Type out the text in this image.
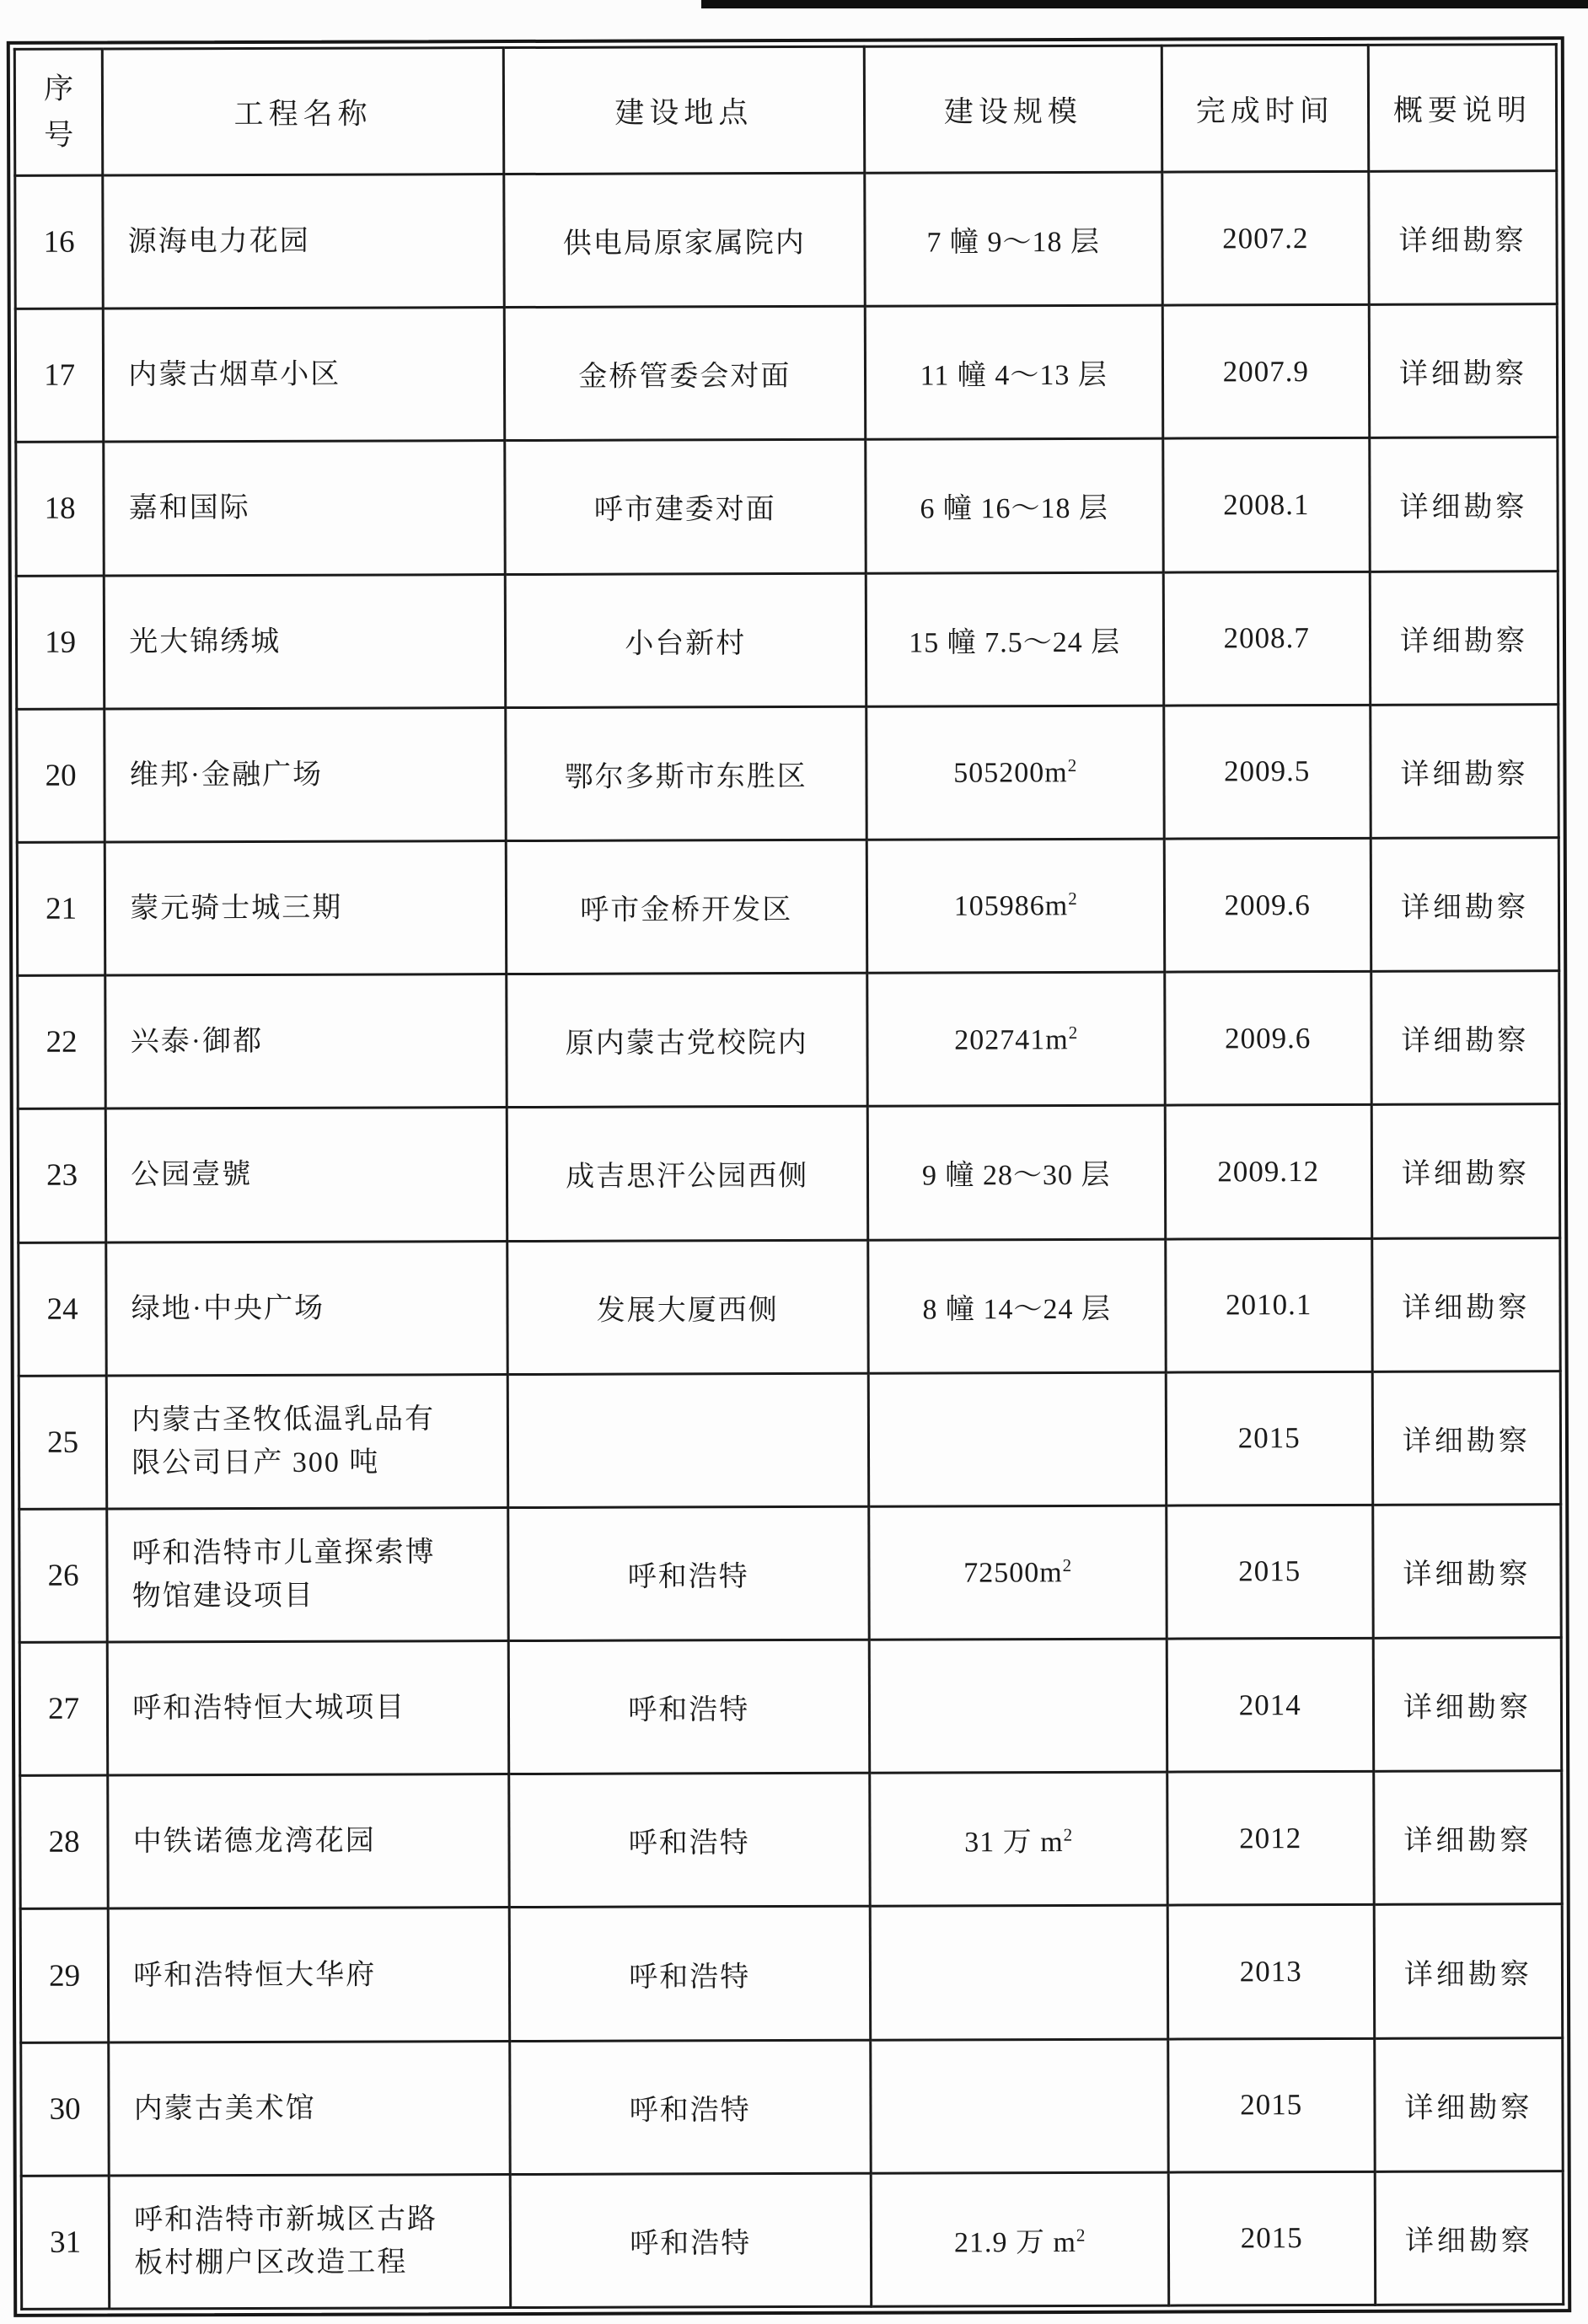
序号	工程名称	建设地点	建设规模	完成时间	概要说明
16	源海电力花园	供电局原家属院内	7 幢 9～18 层	2007.2	详细勘察
17	内蒙古烟草小区	金桥管委会对面	11 幢 4～13 层	2007.9	详细勘察
18	嘉和国际	呼市建委对面	6 幢 16～18 层	2008.1	详细勘察
19	光大锦绣城	小台新村	15 幢 7.5～24 层	2008.7	详细勘察
20	维邦·金融广场	鄂尔多斯市东胜区	$505200m^2$	2009.5	详细勘察
21	蒙元骑士城三期	呼市金桥开发区	$105986m^2$	2009.6	详细勘察
22	兴泰·御都	原内蒙古党校院内	$202741m^2$	2009.6	详细勘察
23	公园壹號	成吉思汗公园西侧	9 幢 28～30 层	2009.12	详细勘察
24	绿地·中央广场	发展大厦西侧	8 幢 14～24 层	2010.1	详细勘察
25	内蒙古圣牧低温乳品有
限公司日产 300 吨			2015	详细勘察
26	呼和浩特市儿童探索博
物馆建设项目	呼和浩特	$72500m^2$	2015	详细勘察
27	呼和浩特恒大城项目	呼和浩特		2014	详细勘察
28	中铁诺德龙湾花园	呼和浩特	31 万 $m^2$	2012	详细勘察
29	呼和浩特恒大华府	呼和浩特		2013	详细勘察
30	内蒙古美术馆	呼和浩特		2015	详细勘察
31	呼和浩特市新城区古路
板村棚户区改造工程	呼和浩特	21.9 万 $m^2$	2015	详细勘察
